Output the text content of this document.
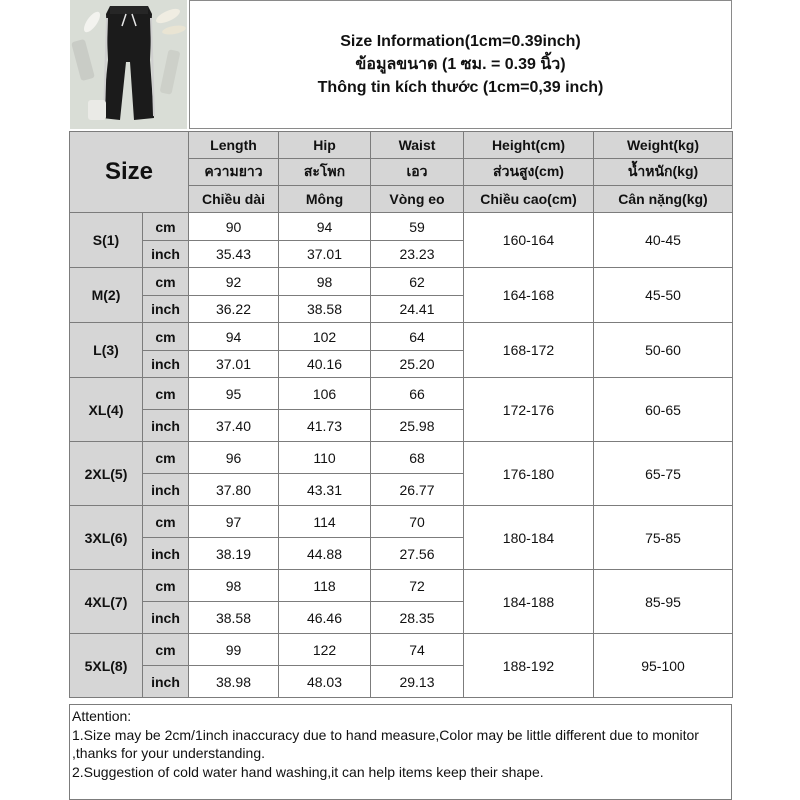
Size Information(1cm=0.39inch)
ข้อมูลขนาด (1 ซม. = 0.39 นิ้ว)
Thông tin kích thước (1cm=0,39 inch)
Size		Length	Hip	Waist	Height(cm)	Weight(kg)
		ความยาว	สะโพก	เอว	ส่วนสูง(cm)	น้ำหนัก(kg)
		Chiều dài	Mông	Vòng eo	Chiều cao(cm)	Cân nặng(kg)
S(1)	cm	90	94	59	160-164	40-45
	inch	35.43	37.01	23.23		
M(2)	cm	92	98	62	164-168	45-50
	inch	36.22	38.58	24.41		
L(3)	cm	94	102	64	168-172	50-60
	inch	37.01	40.16	25.20		
XL(4)	cm	95	106	66	172-176	60-65
	inch	37.40	41.73	25.98		
2XL(5)	cm	96	110	68	176-180	65-75
	inch	37.80	43.31	26.77		
3XL(6)	cm	97	114	70	180-184	75-85
	inch	38.19	44.88	27.56		
4XL(7)	cm	98	118	72	184-188	85-95
	inch	38.58	46.46	28.35		
5XL(8)	cm	99	122	74	188-192	95-100
	inch	38.98	48.03	29.13		
Attention:
1.Size may be 2cm/1inch inaccuracy due to hand measure,Color may be little different due to monitor
,thanks for your understanding.
2.Suggestion of cold water hand washing,it can help items keep their shape.
